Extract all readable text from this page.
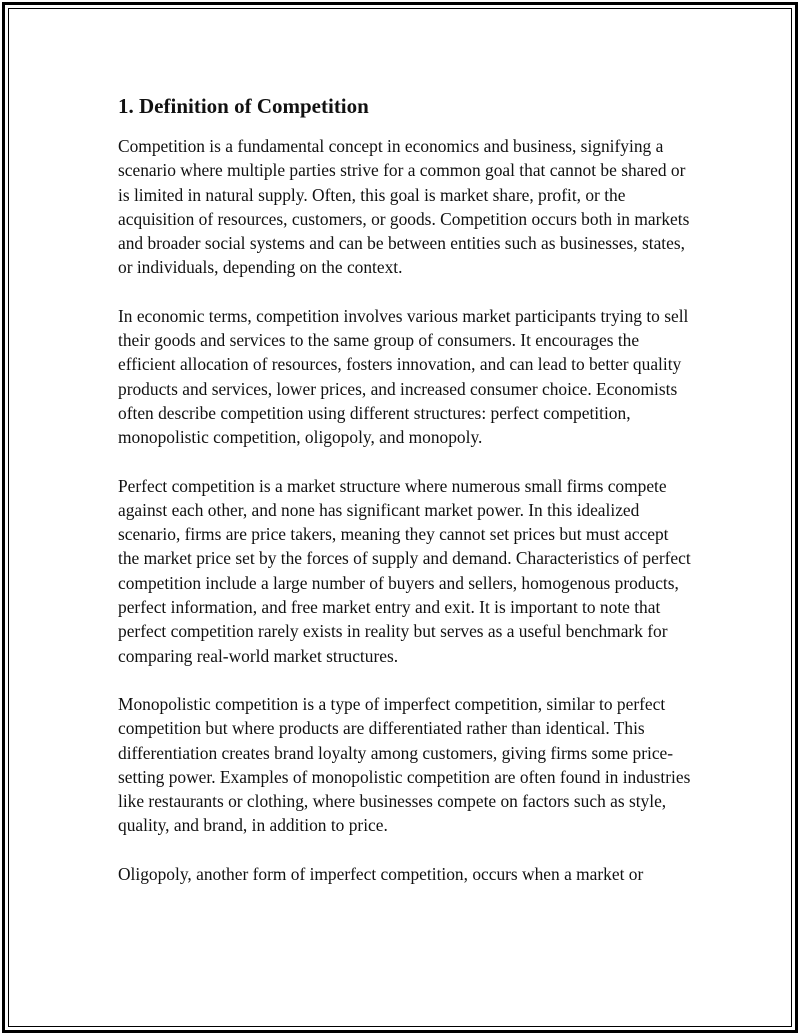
1. Definition of Competition

Competition is a fundamental concept in economics and business, signifying a scenario where multiple parties strive for a common goal that cannot be shared or is limited in natural supply. Often, this goal is market share, profit, or the acquisition of resources, customers, or goods. Competition occurs both in markets and broader social systems and can be between entities such as businesses, states, or individuals, depending on the context.

In economic terms, competition involves various market participants trying to sell their goods and services to the same group of consumers. It encourages the efficient allocation of resources, fosters innovation, and can lead to better quality products and services, lower prices, and increased consumer choice. Economists often describe competition using different structures: perfect competition, monopolistic competition, oligopoly, and monopoly.

Perfect competition is a market structure where numerous small firms compete against each other, and none has significant market power. In this idealized scenario, firms are price takers, meaning they cannot set prices but must accept the market price set by the forces of supply and demand. Characteristics of perfect competition include a large number of buyers and sellers, homogenous products, perfect information, and free market entry and exit. It is important to note that perfect competition rarely exists in reality but serves as a useful benchmark for comparing real-world market structures.

Monopolistic competition is a type of imperfect competition, similar to perfect competition but where products are differentiated rather than identical. This differentiation creates brand loyalty among customers, giving firms some price-setting power. Examples of monopolistic competition are often found in industries like restaurants or clothing, where businesses compete on factors such as style, quality, and brand, in addition to price.

Oligopoly, another form of imperfect competition, occurs when a market or
